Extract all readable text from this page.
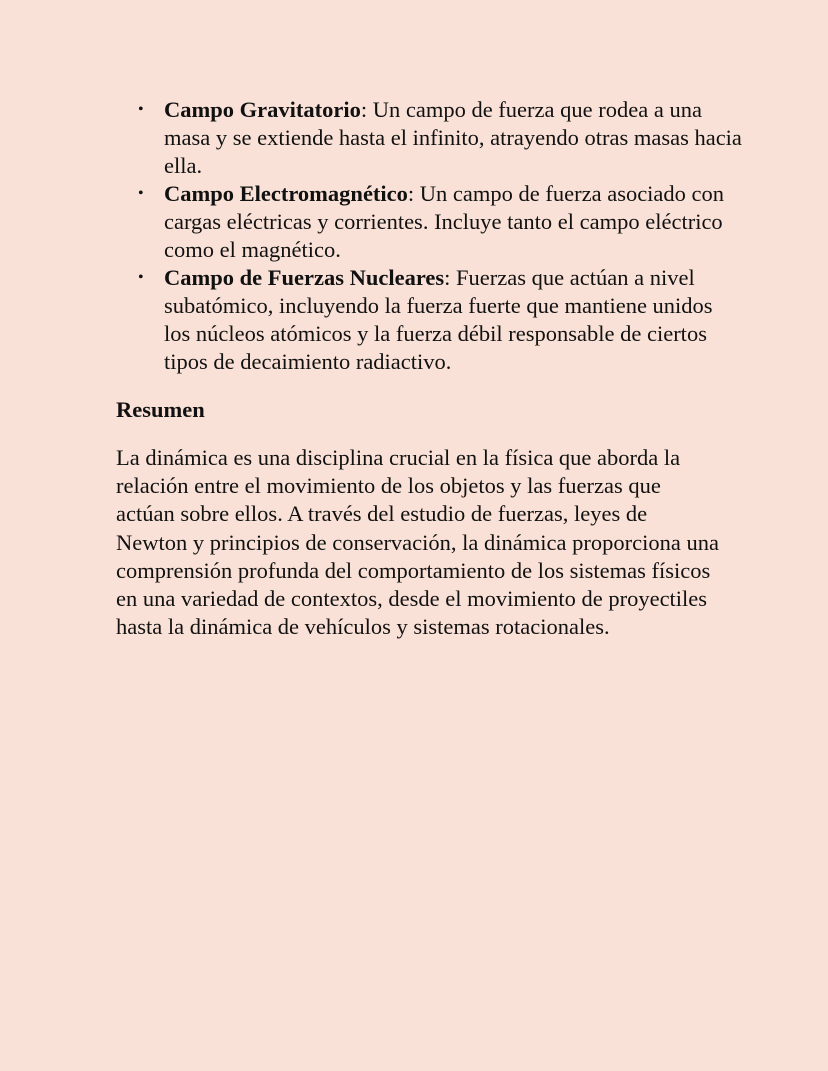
• Campo Gravitatorio: Un campo de fuerza que rodea a una masa y se extiende hasta el infinito, atrayendo otras masas hacia ella.
• Campo Electromagnético: Un campo de fuerza asociado con cargas eléctricas y corrientes. Incluye tanto el campo eléctrico como el magnético.
• Campo de Fuerzas Nucleares: Fuerzas que actúan a nivel subatómico, incluyendo la fuerza fuerte que mantiene unidos los núcleos atómicos y la fuerza débil responsable de ciertos tipos de decaimiento radiactivo.
Resumen

La dinámica es una disciplina crucial en la física que aborda la relación entre el movimiento de los objetos y las fuerzas que actúan sobre ellos. A través del estudio de fuerzas, leyes de Newton y principios de conservación, la dinámica proporciona una comprensión profunda del comportamiento de los sistemas físicos en una variedad de contextos, desde el movimiento de proyectiles hasta la dinámica de vehículos y sistemas rotacionales.
